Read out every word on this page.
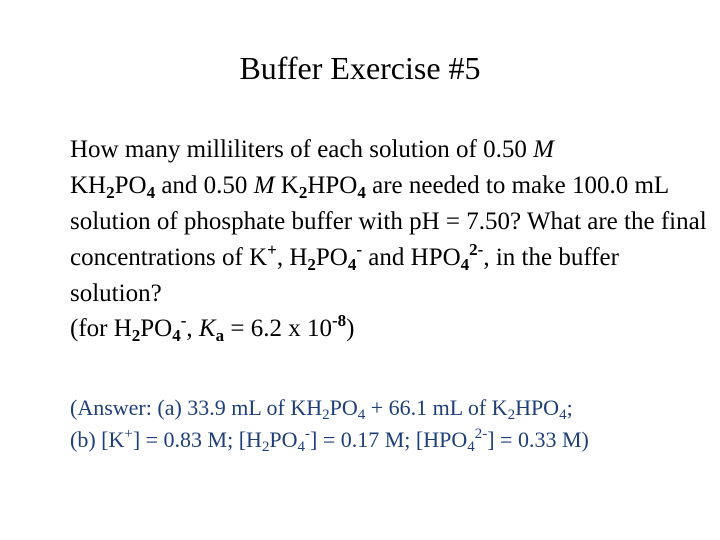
Buffer Exercise #5
How many milliliters of each solution of 0.50 M
$KH_2PO_4$ and 0.50 M $K_2HPO_4$ are needed to make 100.0 mL solution of phosphate buffer with pH = 7.50? What are the final concentrations of K+, $H_2PO_4^-$ and $HPO_4^{2-}$, in the buffer solution?
(for $H_2PO_4^-$, $K_a = 6.2$ x $10^{-8}$)
(Answer: (a) 33.9 mL of $KH_2PO_4 + 66.1$ mL of $K_2HPO_4$;
(b) [K+] = 0.83 M; $[H_2PO_4^-] = 0.17$ M; $[HPO_4^{2-}] = 0.33$ M)
